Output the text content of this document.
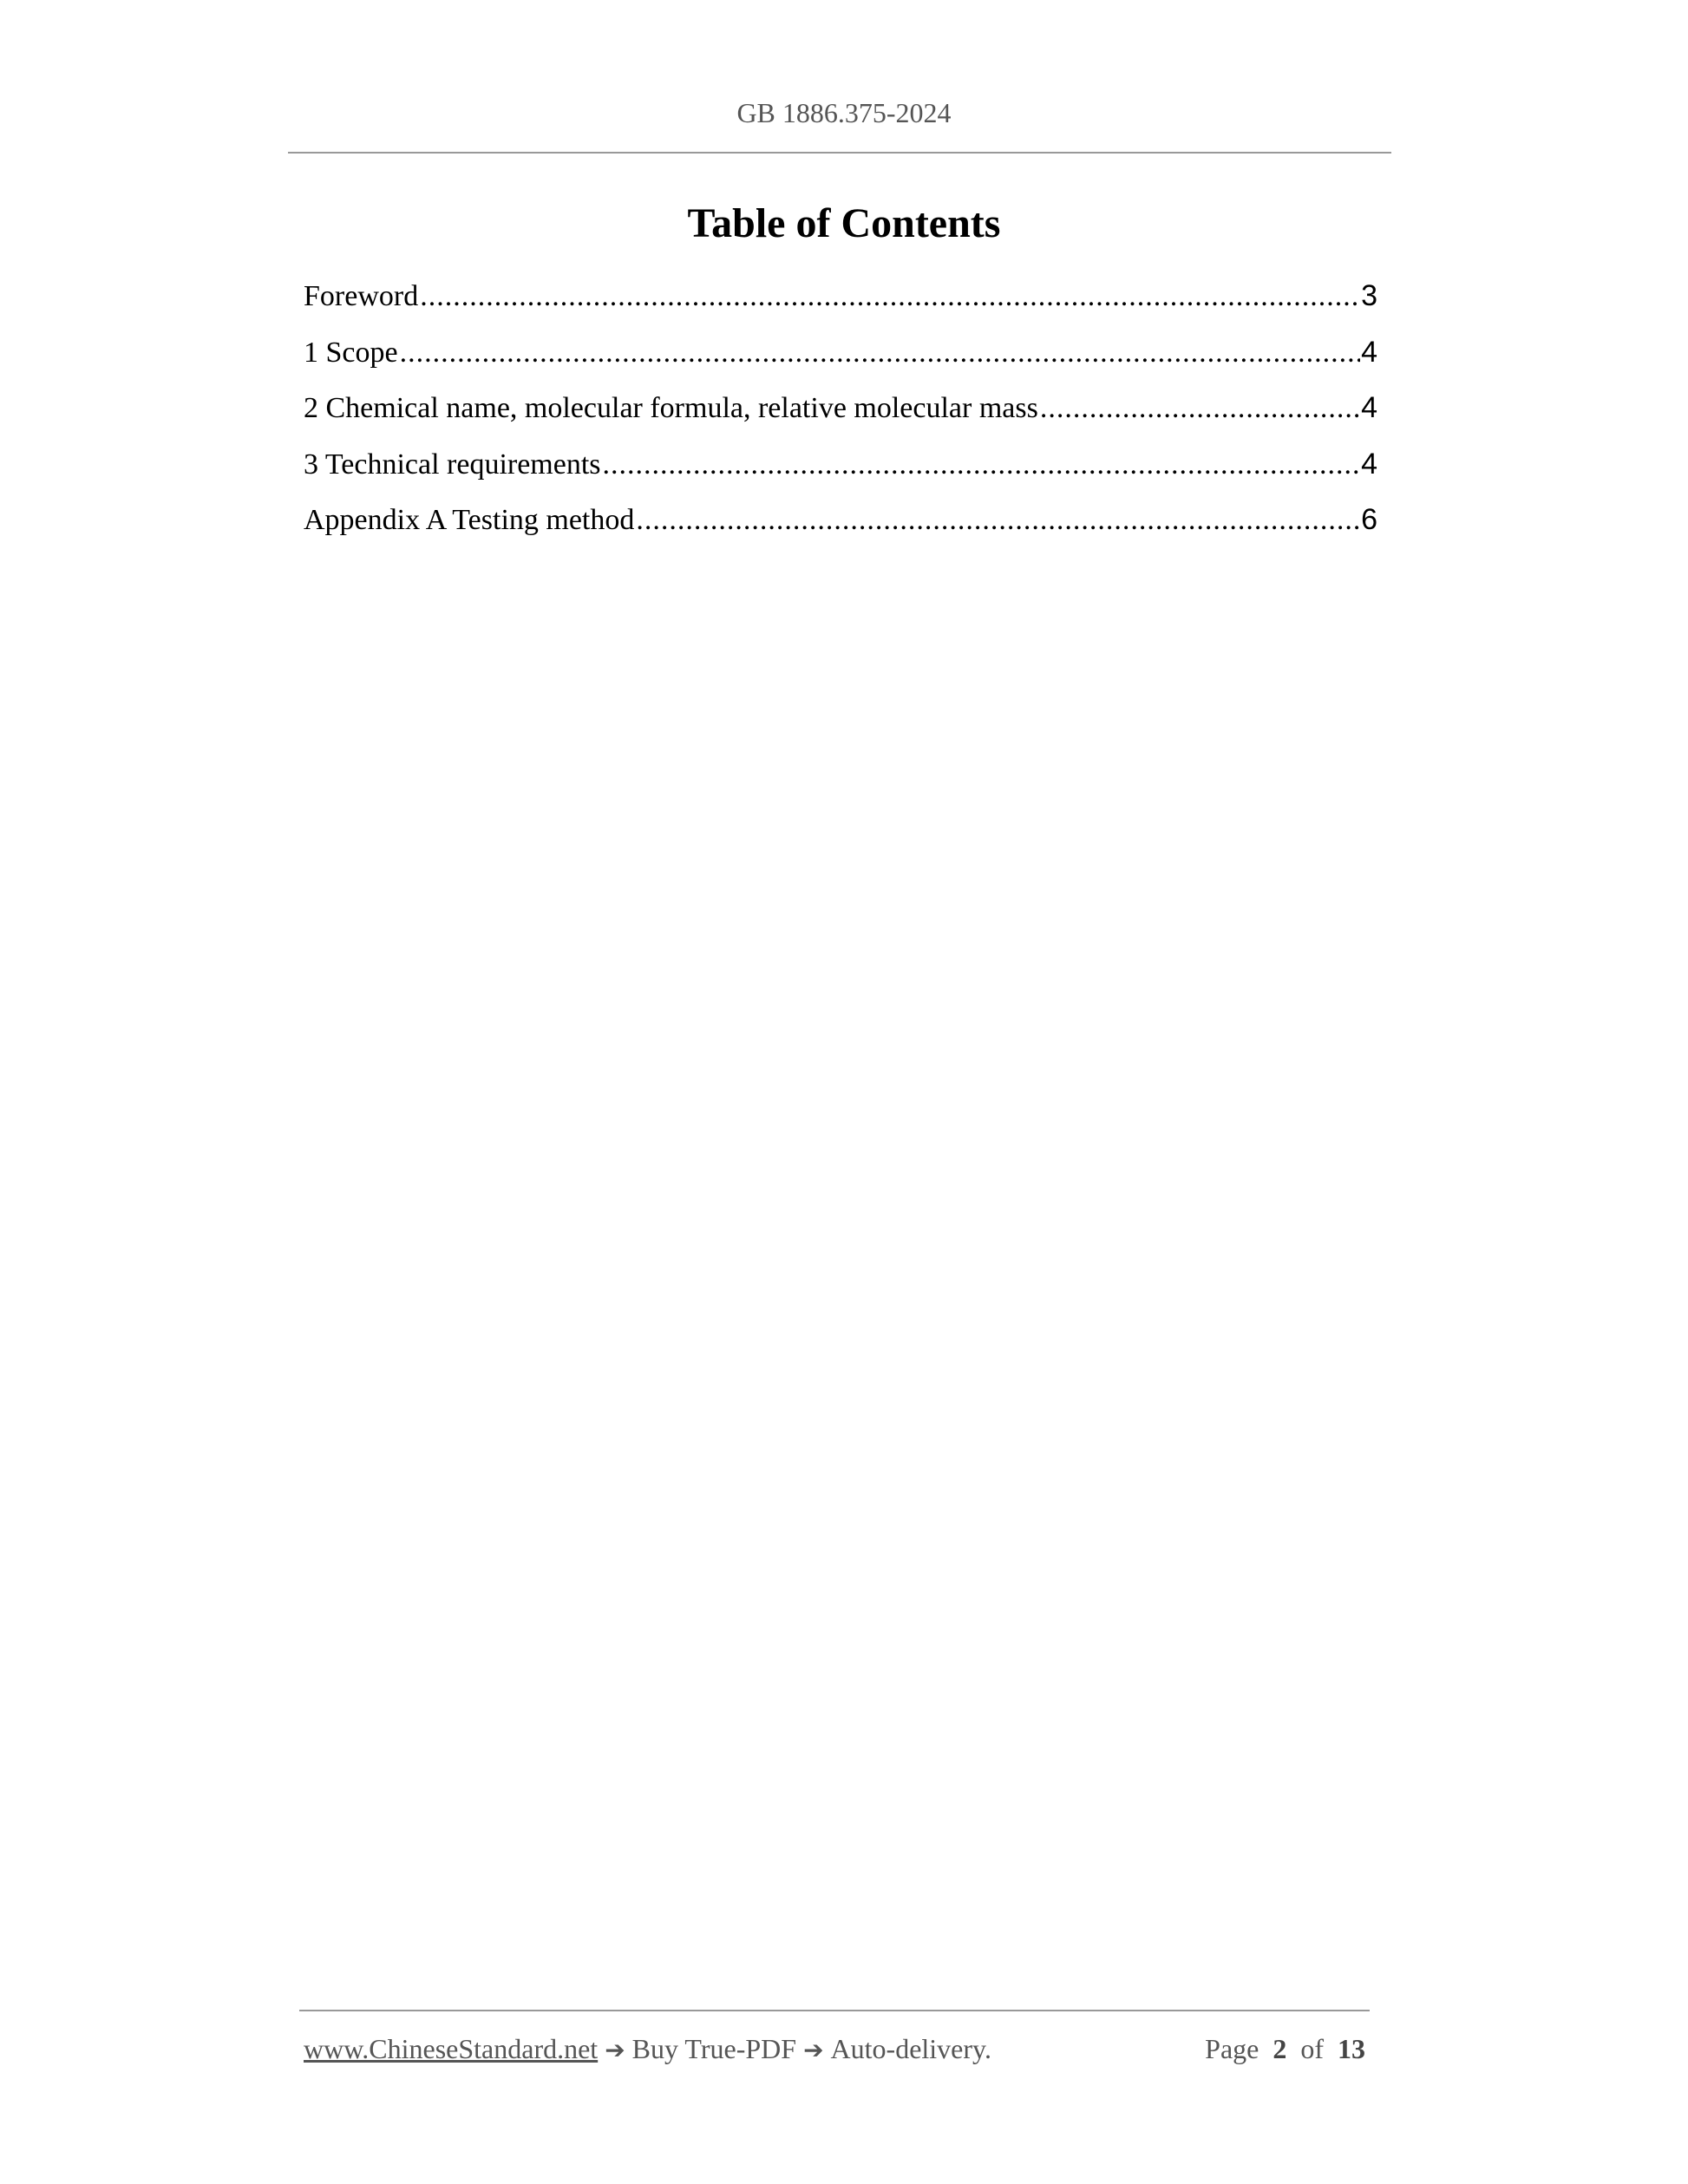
GB 1886.375-2024
Table of Contents
Foreword .....	3
1 Scope .....	4
2 Chemical name, molecular formula, relative molecular mass .....	4
3 Technical requirements .....	4
Appendix A Testing method .....	6
www.ChineseStandard.net ➔ Buy True-PDF ➔ Auto-delivery.	Page 2 of 13
